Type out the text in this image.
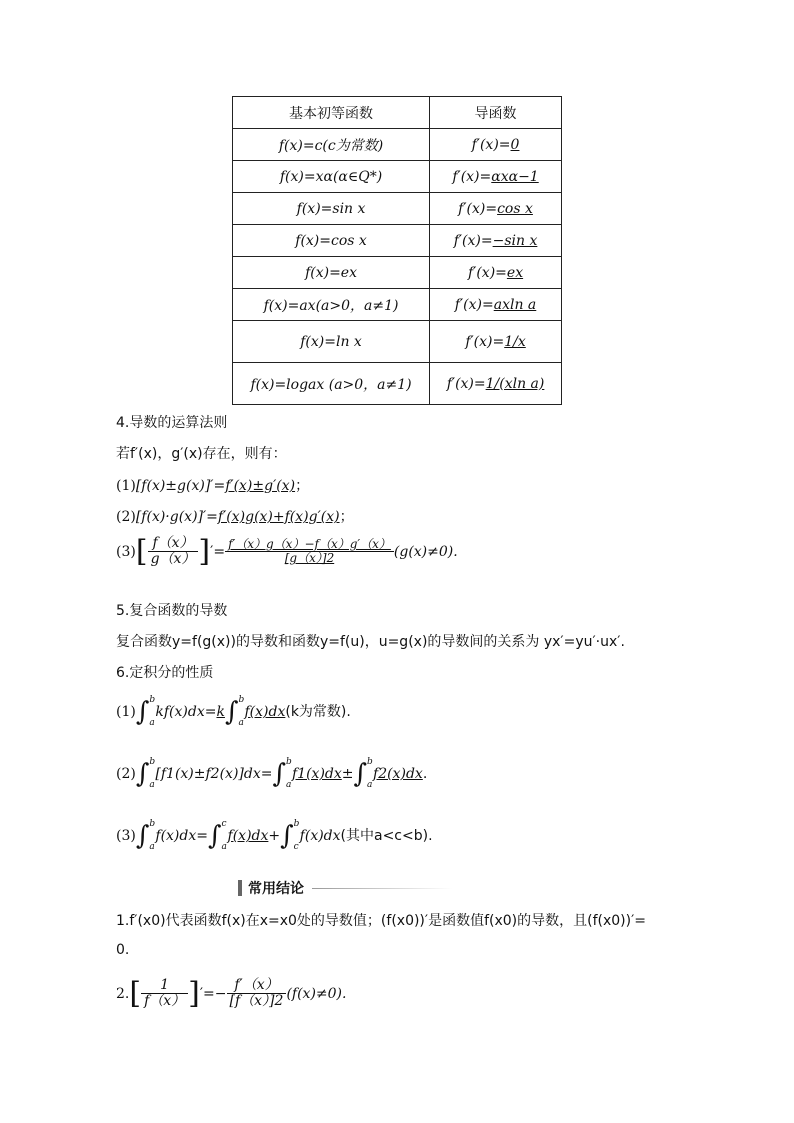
基本初等函数	导函数
f(x)=c(c为常数)	f′(x)=0
f(x)=xα(α∈Q*)	f′(x)=αxα−1
f(x)=sin x	f′(x)=cos x
f(x)=cos x	f′(x)=−sin x
f(x)=ex	f′(x)=ex
f(x)=ax(a>0，a≠1)	f′(x)=axln a
f(x)=ln x	f′(x)=1/x
f(x)=logax (a>0，a≠1)	f′(x)=1/(xln a)
4.导数的运算法则
若f′(x)，g′(x)存在，则有：
(1)[f(x)±g(x)]′=f′(x)±g′(x)；
(2)[f(x)·g(x)]′=f′(x)g(x)+f(x)g′(x)；
$(3)[ \frac{f(x)}{g(x)}$ ]′= $\frac{f'(x)g(x)-f(x)g'(x)}{[g(x)]2} (g(x)\ne 0)$.
5.复合函数的导数
复合函数y=f(g(x))的导数和函数y=f(u)，u=g(x)的导数间的关系为 yx′=yu′·ux′.
6.定积分的性质
(1)∫ b
akf(x)dx=k∫ b
af(x)dx(k为常数).
(2)∫ b
a[f1(x)±f2(x)]dx=∫ b
af1(x)dx±∫ b
af2(x)dx.
(3)∫ b
af(x)dx=∫ c
af(x)dx+∫ b
cf(x)dx(其中a<c<b).
常用结论
1.f′(x0)代表函数f(x)在x=x0处的导数值；(f(x0))′是函数值f(x0)的导数，且(f(x0))′=
0.
$2.[ \frac{1}{f(x)}$ ]′=− $\frac{f'(x)}{[f(x)]2} (f(x)\ne 0)$.
